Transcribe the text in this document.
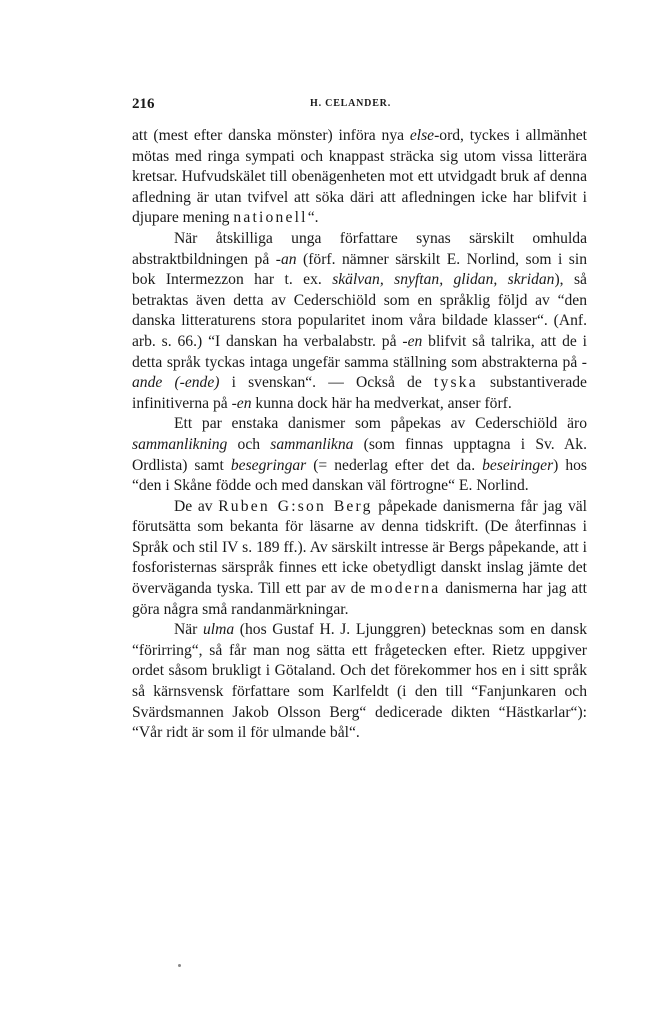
216	H. CELANDER.

att (mest efter danska mönster) införa nya else-ord, tyckes i allmänhet mötas med ringa sympati och knappast sträcka sig utom vissa litterära kretsar. Hufvudskälet till obenägenheten mot ett utvidgadt bruk af denna afledning är utan tvifvel att söka däri att afledningen icke har blifvit i djupare mening nationell“.

När åtskilliga unga författare synas särskilt omhulda abstraktbildningen på -an (förf. nämner särskilt E. Norlind, som i sin bok Intermezzon har t. ex. skälvan, snyftan, glidan, skridan), så betraktas även detta av Cederschiöld som en språklig följd av “den danska litteraturens stora popularitet inom våra bildade klasser“. (Anf. arb. s. 66.) “I danskan ha verbalabstr. på -en blifvit så talrika, att de i detta språk tyckas intaga ungefär samma ställning som abstrakterna på -ande (-ende) i svenskan“. — Också de tyska substantiverade infinitiverna på -en kunna dock här ha medverkat, anser förf.

Ett par enstaka danismer som påpekas av Cederschiöld äro sammanlikning och sammanlikna (som finnas upptagna i Sv. Ak. Ordlista) samt besegringar (= nederlag efter det da. beseiringer) hos “den i Skåne födde och med danskan väl förtrogne“ E. Norlind.

De av Ruben G:son Berg påpekade danismerna får jag väl förutsätta som bekanta för läsarne av denna tidskrift. (De återfinnas i Språk och stil IV s. 189 ff.). Av särskilt intresse är Bergs påpekande, att i fosforisternas särspråk finnes ett icke obetydligt danskt inslag jämte det överväganda tyska. Till ett par av de moderna danismerna har jag att göra några små randanmärkningar.

När ulma (hos Gustaf H. J. Ljunggren) betecknas som en dansk “förirring“, så får man nog sätta ett frågetecken efter. Rietz uppgiver ordet såsom brukligt i Götaland. Och det förekommer hos en i sitt språk så kärnsvensk författare som Karlfeldt (i den till “Fanjunkaren och Svärdsmannen Jakob Olsson Berg“ dedicerade dikten “Hästkarlar“): “Vår ridt är som il för ulmande bål“.
